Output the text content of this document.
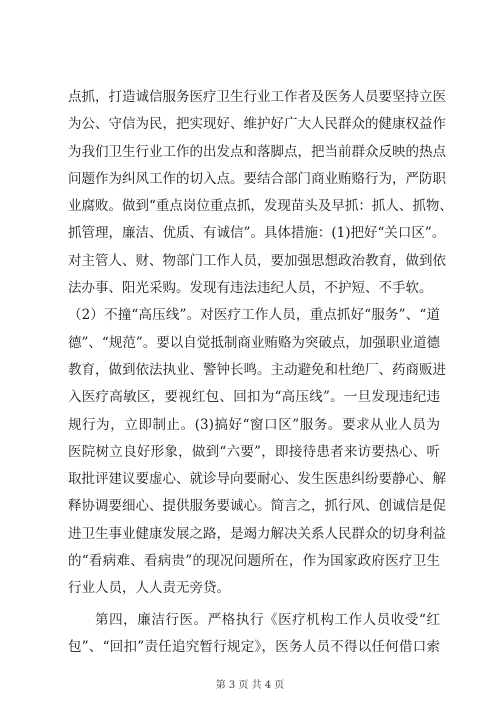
点抓，打造诚信服务医疗卫生行业工作者及医务人员要坚持立医
为公、守信为民，把实现好、维护好广大人民群众的健康权益作
为我们卫生行业工作的出发点和落脚点，把当前群众反映的热点
问题作为纠风工作的切入点。要结合部门商业贿赂行为，严防职
业腐败。做到“重点岗位重点抓，发现苗头及早抓：抓人、抓物、
抓管理，廉洁、优质、有诚信”。具体措施：(1)把好“关口区”。
对主管人、财、物部门工作人员，要加强思想政治教育，做到依
法办事、阳光采购。发现有违法违纪人员，不护短、不手软。
（2）不撞“高压线”。对医疗工作人员，重点抓好“服务”、“道
德”、“规范”。要以自觉抵制商业贿赂为突破点，加强职业道德
教育，做到依法执业、警钟长鸣。主动避免和杜绝厂、药商贩进
入医疗高敏区，要视红包、回扣为“高压线”。一旦发现违纪违
规行为，立即制止。(3)搞好“窗口区”服务。要求从业人员为
医院树立良好形象，做到“六要”，即接待患者来访要热心、听
取批评建议要虚心、就诊导向要耐心、发生医患纠纷要静心、解
释协调要细心、提供服务要诚心。简言之，抓行风、创诚信是促
进卫生事业健康发展之路，是竭力解决关系人民群众的切身利益
的“看病难、看病贵”的现况问题所在，作为国家政府医疗卫生
行业人员，人人责无旁贷。
第四，廉洁行医。严格执行《医疗机构工作人员收受“红
包”、“回扣”责任追究暂行规定》，医务人员不得以任何借口索
第 3 页 共 4 页
